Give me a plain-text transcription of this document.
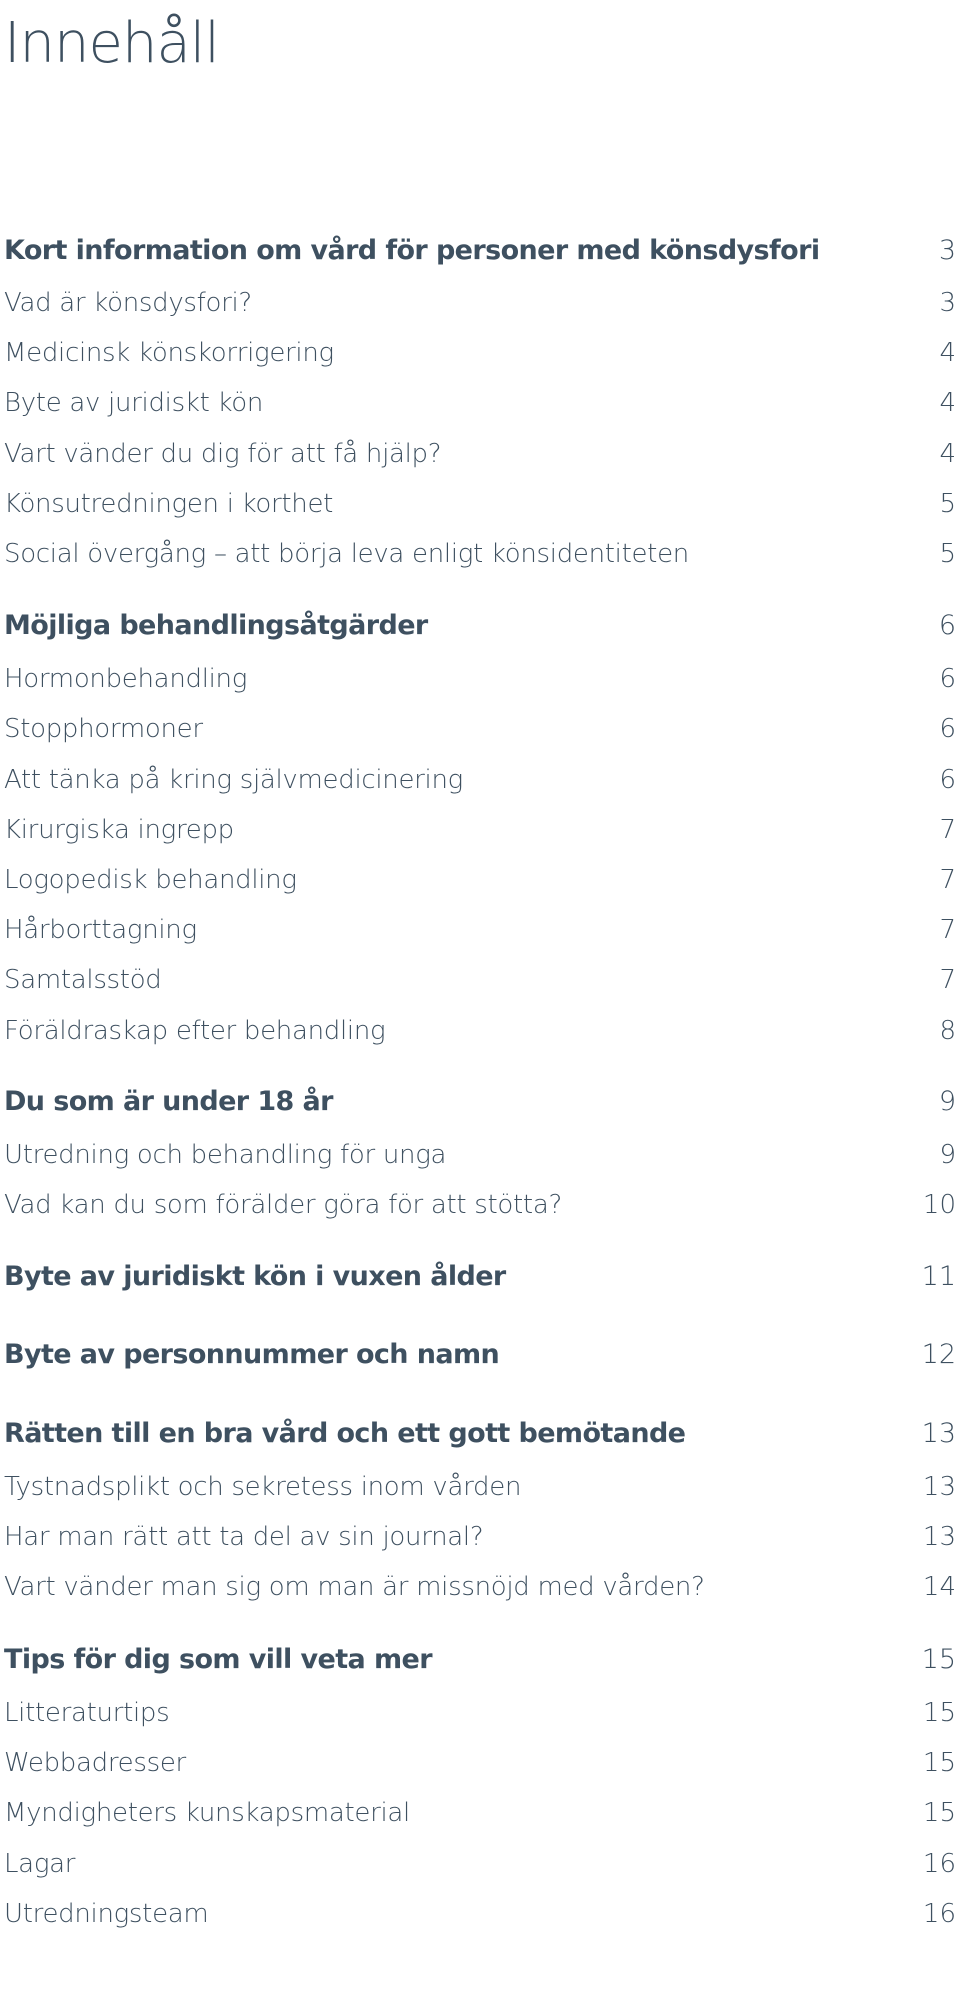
Innehåll
Kort information om vård för personer med könsdysfori	3
Vad är könsdysfori?	3
Medicinsk könskorrigering	4
Byte av juridiskt kön	4
Vart vänder du dig för att få hjälp?	4
Könsutredningen i korthet	5
Social övergång – att börja leva enligt könsidentiteten	5
Möjliga behandlingsåtgärder	6
Hormonbehandling	6
Stopphormoner	6
Att tänka på kring självmedicinering	6
Kirurgiska ingrepp	7
Logopedisk behandling	7
Hårborttagning	7
Samtalsstöd	7
Föräldraskap efter behandling	8
Du som är under 18 år	9
Utredning och behandling för unga	9
Vad kan du som förälder göra för att stötta?	10
Byte av juridiskt kön i vuxen ålder	11
Byte av personnummer och namn	12
Rätten till en bra vård och ett gott bemötande	13
Tystnadsplikt och sekretess inom vården	13
Har man rätt att ta del av sin journal?	13
Vart vänder man sig om man är missnöjd med vården?	14
Tips för dig som vill veta mer	15
Litteraturtips	15
Webbadresser	15
Myndigheters kunskapsmaterial	15
Lagar	16
Utredningsteam	16
